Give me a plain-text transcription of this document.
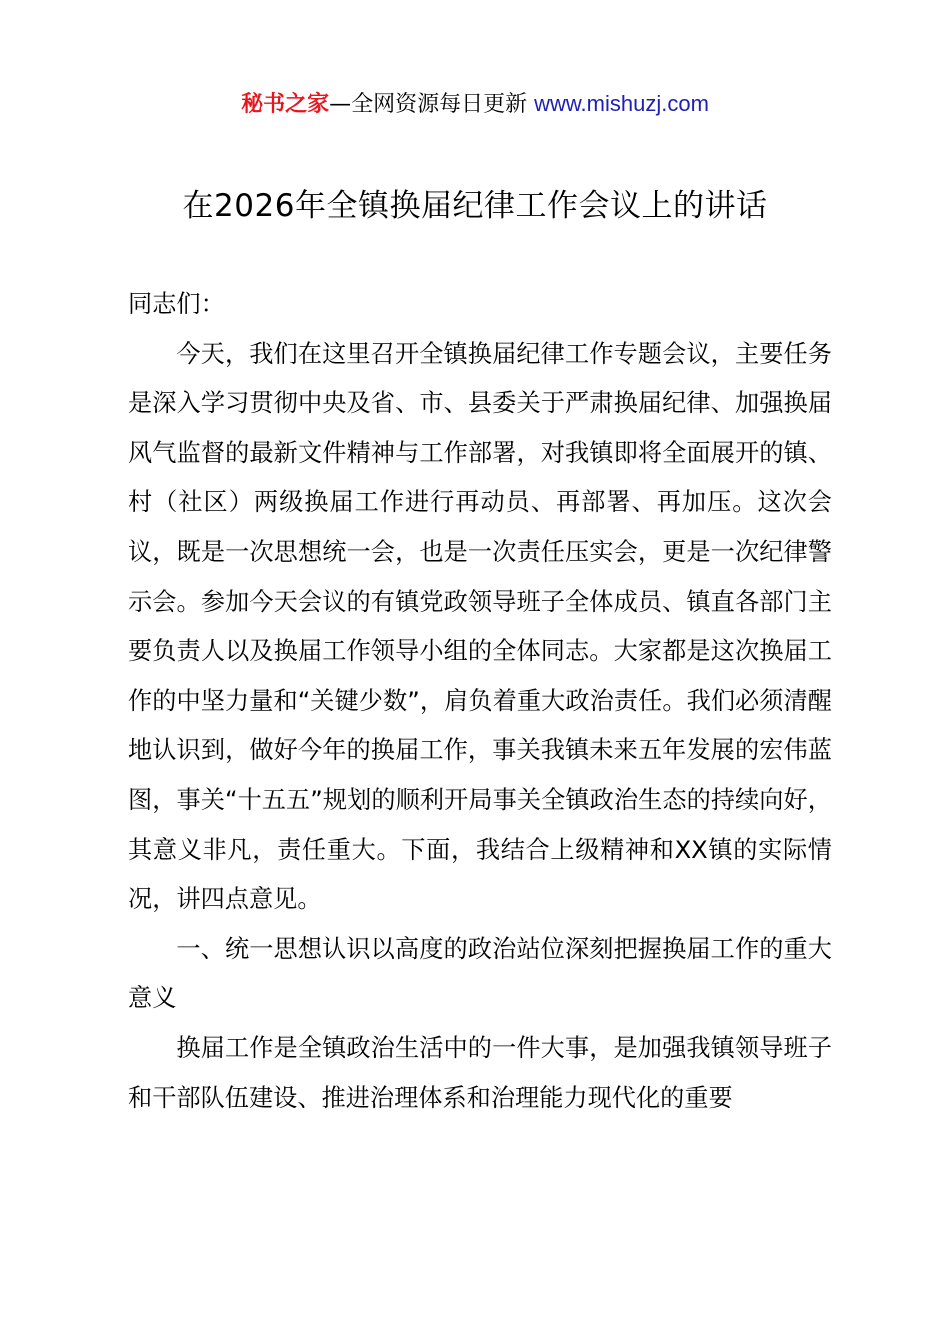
秘书之家—全网资源每日更新 www.mishuzj.com
在2026年全镇换届纪律工作会议上的讲话

同志们：

今天，我们在这里召开全镇换届纪律工作专题会议，主要任务是深入学习贯彻中央及省、市、县委关于严肃换届纪律、加强换届风气监督的最新文件精神与工作部署，对我镇即将全面展开的镇、村（社区）两级换届工作进行再动员、再部署、再加压。这次会议，既是一次思想统一会，也是一次责任压实会，更是一次纪律警示会。参加今天会议的有镇党政领导班子全体成员、镇直各部门主要负责人以及换届工作领导小组的全体同志。大家都是这次换届工作的中坚力量和“关键少数”，肩负着重大政治责任。我们必须清醒地认识到，做好今年的换届工作，事关我镇未来五年发展的宏伟蓝图，事关“十五五”规划的顺利开局事关全镇政治生态的持续向好，其意义非凡，责任重大。下面，我结合上级精神和XX镇的实际情况，讲四点意见。

一、统一思想认识以高度的政治站位深刻把握换届工作的重大意义

换届工作是全镇政治生活中的一件大事，是加强我镇领导班子和干部队伍建设、推进治理体系和治理能力现代化的重要
